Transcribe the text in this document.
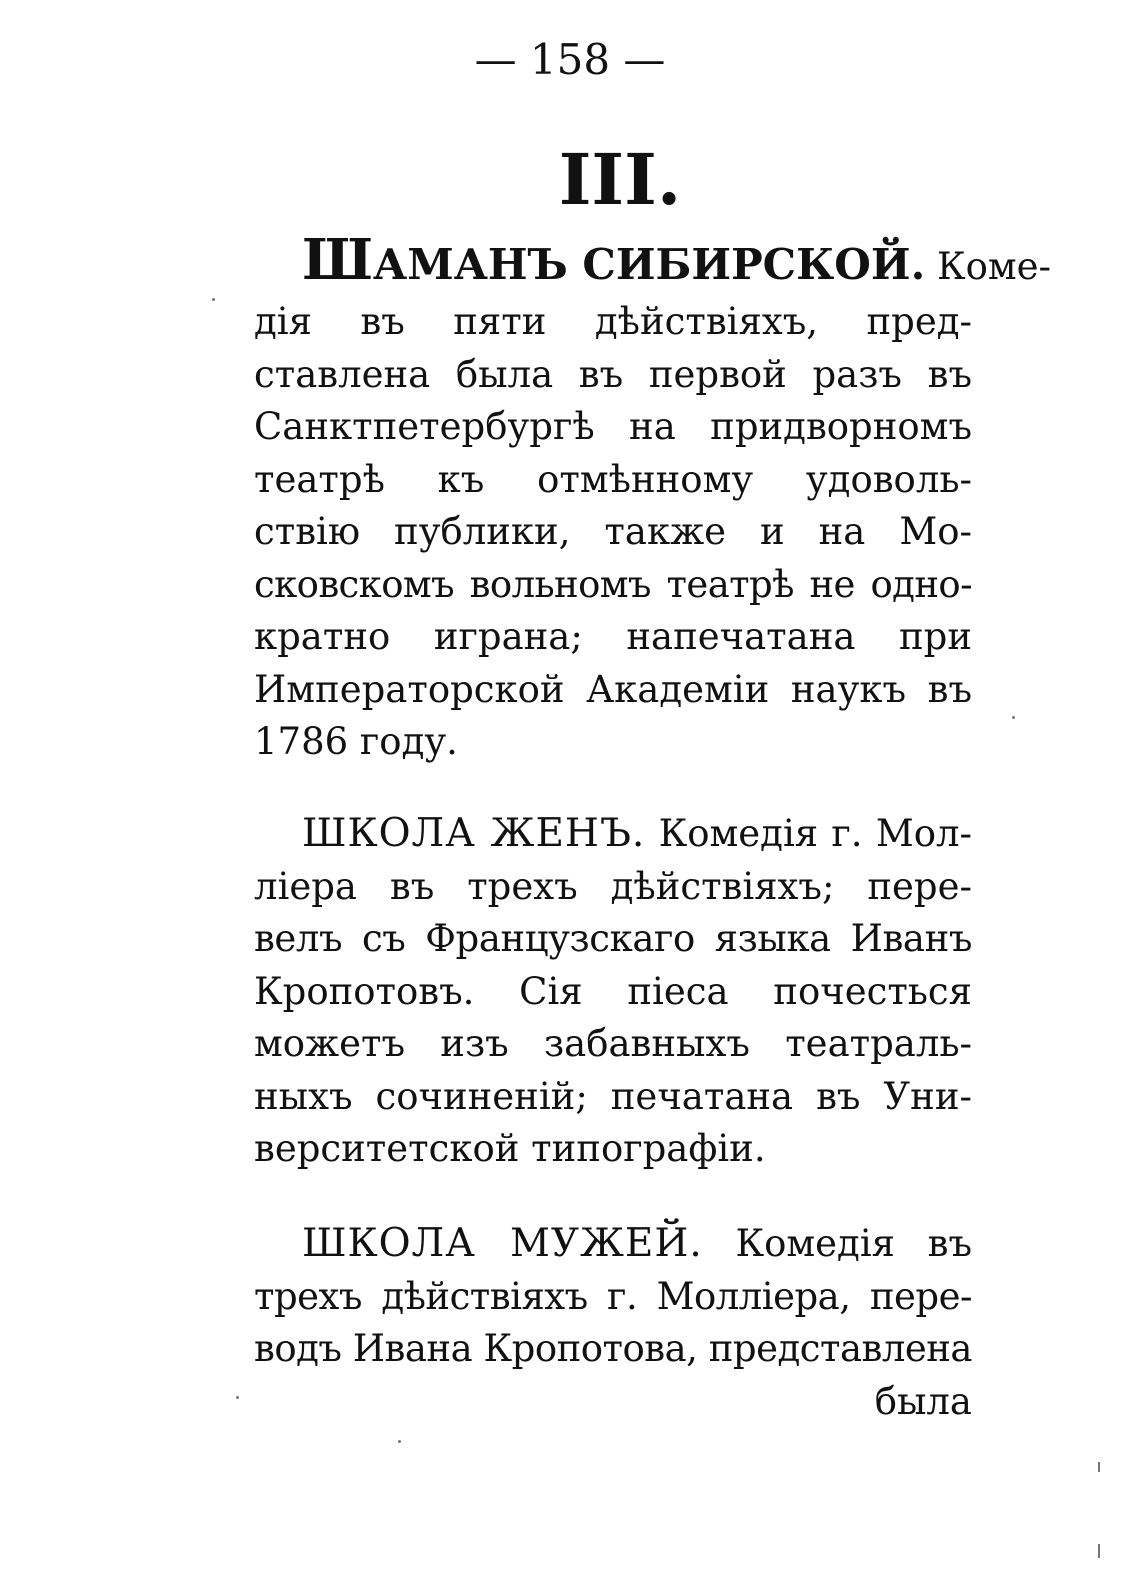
— 158 —
III.
ШАМАНЪ СИБИРСКОЙ. Коме-
дія въ пяти дѣйствіяхъ, пред-
ставлена была въ первой разъ въ
Санктпетербургѣ на придворномъ
театрѣ къ отмѣнному удоволь-
ствію публики, также и на Мо-
сковскомъ вольномъ театрѣ не одно-
кратно играна; напечатана при
Императорской Академіи наукъ въ
1786 году.
ШКОЛА ЖЕНЪ. Комедія г. Мол-
ліера въ трехъ дѣйствіяхъ; пере-
велъ съ Французскаго языка Иванъ
Кропотовъ. Сія піеса почесться
можетъ изъ забавныхъ театраль-
ныхъ сочиненій; печатана въ Уни-
верситетской типографіи.
ШКОЛА МУЖЕЙ. Комедія въ
трехъ дѣйствіяхъ г. Молліера, пере-
водъ Ивана Кропотова, представлена
была
